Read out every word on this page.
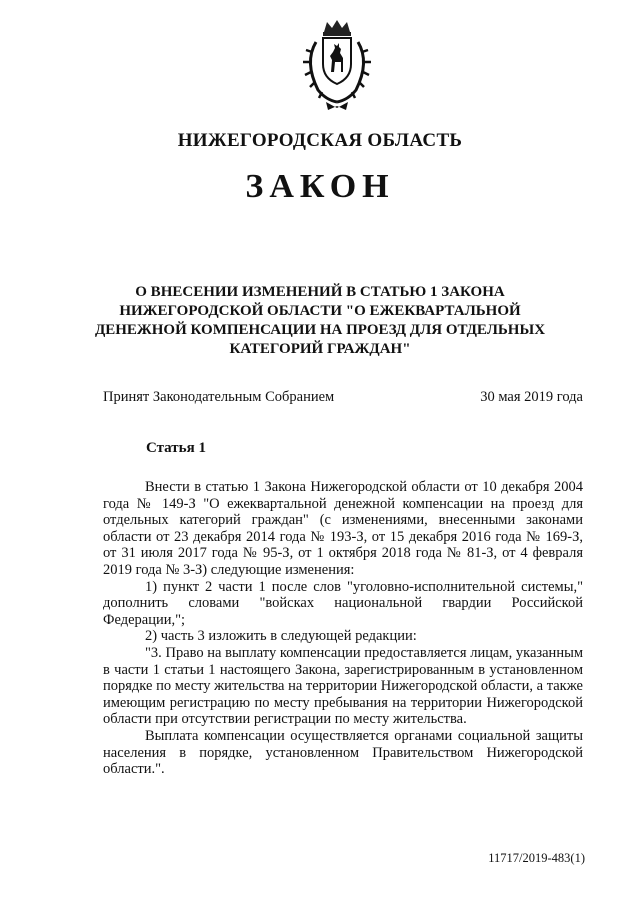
НИЖЕГОРОДСКАЯ ОБЛАСТЬ
ЗАКОН
О ВНЕСЕНИИ ИЗМЕНЕНИЙ В СТАТЬЮ 1 ЗАКОНА НИЖЕГОРОДСКОЙ ОБЛАСТИ "О ЕЖЕКВАРТАЛЬНОЙ ДЕНЕЖНОЙ КОМПЕНСАЦИИ НА ПРОЕЗД ДЛЯ ОТДЕЛЬНЫХ КАТЕГОРИЙ ГРАЖДАН"
Принят Законодательным Собранием	30 мая 2019 года
Статья 1

Внести в статью 1 Закона Нижегородской области от 10 декабря 2004 года № 149-З "О ежеквартальной денежной компенсации на проезд для отдельных категорий граждан" (с изменениями, внесенными законами области от 23 декабря 2014 года № 193-З, от 15 декабря 2016 года № 169-З, от 31 июля 2017 года № 95-З, от 1 октября 2018 года № 81-З, от 4 февраля 2019 года № 3-З) следующие изменения:

1) пункт 2 части 1 после слов "уголовно-исполнительной системы," дополнить словами "войсках национальной гвардии Российской Федерации,";

2) часть 3 изложить в следующей редакции:

"3. Право на выплату компенсации предоставляется лицам, указанным в части 1 статьи 1 настоящего Закона, зарегистрированным в установленном порядке по месту жительства на территории Нижегородской области, а также имеющим регистрацию по месту пребывания на территории Нижегородской области при отсутствии регистрации по месту жительства.

Выплата компенсации осуществляется органами социальной защиты населения в порядке, установленном Правительством Нижегородской области.".

11717/2019-483(1)
